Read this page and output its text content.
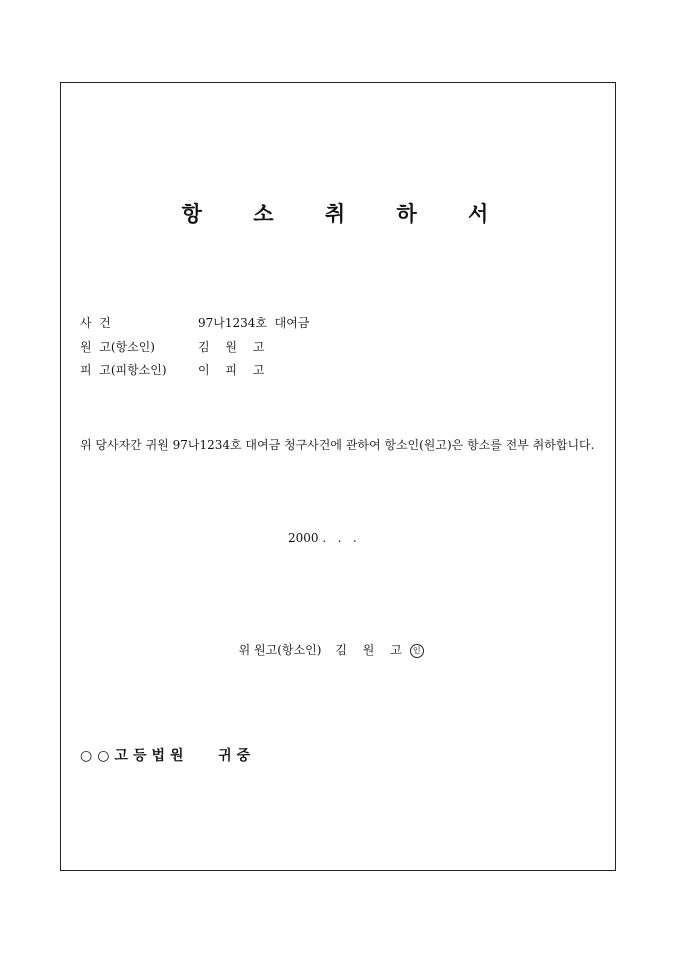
항 소 취 하 서
사  건	97나1234호  대여금
원  고(항소인)	김 원 고
피  고(피항소인)	이 피 고
위 당사자간 귀원 97나1234호 대여금 청구사건에 관하여 항소인(원고)은 항소를 전부 취하합니다.
2000 .   .   .

위 원고(항소인) 김 원 고 인

○○고등법원   귀중
